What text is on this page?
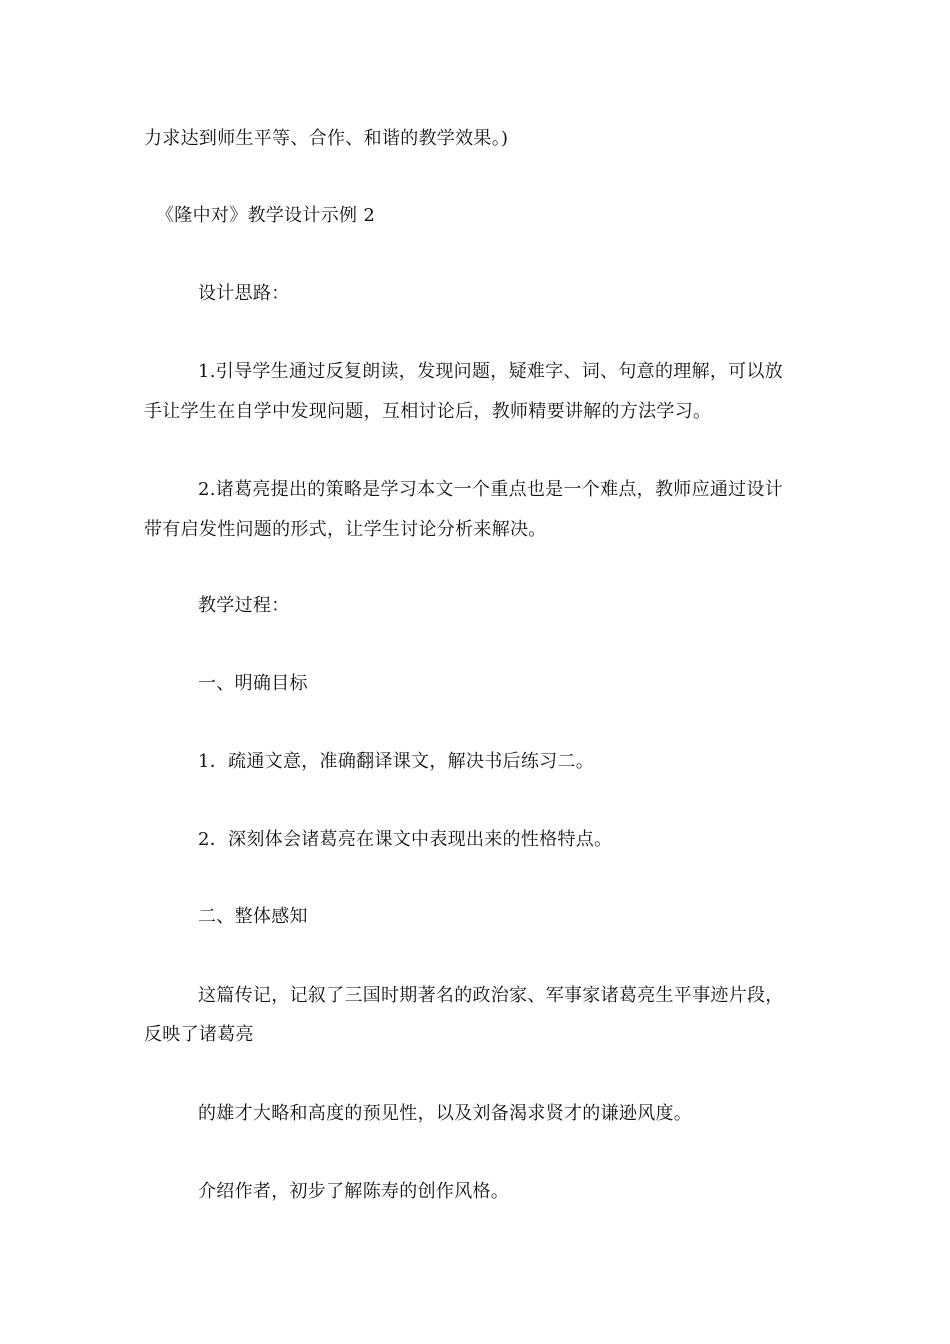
力求达到师生平等、合作、和谐的教学效果。)
《隆中对》教学设计示例 2
设计思路：
1.引导学生通过反复朗读，发现问题，疑难字、词、句意的理解，可以放
手让学生在自学中发现问题，互相讨论后，教师精要讲解的方法学习。
2.诸葛亮提出的策略是学习本文一个重点也是一个难点，教师应通过设计
带有启发性问题的形式，让学生讨论分析来解决。
教学过程：
一、明确目标
1．疏通文意，准确翻译课文，解决书后练习二。
2．深刻体会诸葛亮在课文中表现出来的性格特点。
二、整体感知
这篇传记，记叙了三国时期著名的政治家、军事家诸葛亮生平事迹片段，
反映了诸葛亮
的雄才大略和高度的预见性，以及刘备渴求贤才的谦逊风度。
介绍作者，初步了解陈寿的创作风格。
